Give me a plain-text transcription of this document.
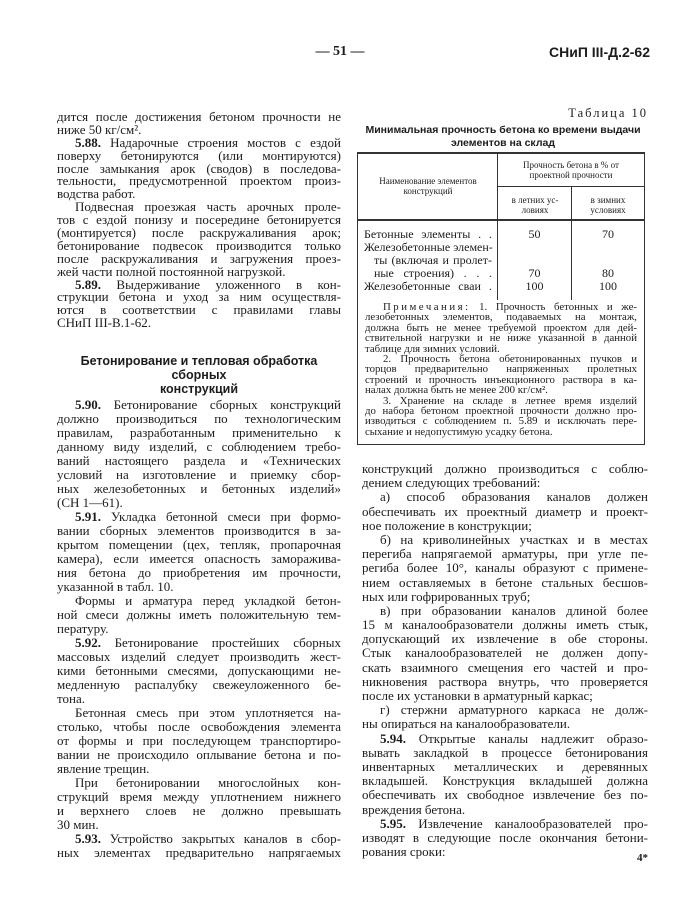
— 51 —	СНиП III-Д.2-62
дится после достижения бетоном прочности не
ниже 50 кг/см².
5.88. Надарочные строения мостов с ездой
поверху бетонируются (или монтируются)
после замыкания арок (сводов) в последова-
тельности, предусмотренной проектом произ-
водства работ.
Подвесная проезжая часть арочных проле-
тов с ездой понизу и посередине бетонируется
(монтируется) после раскружаливания арок;
бетонирование подвесок производится только
после раскружаливания и загружения проез-
жей части полной постоянной нагрузкой.
5.89. Выдерживание уложенного в кон-
струкции бетона и уход за ним осуществля-
ются в соответствии с правилами главы
СНиП III-В.1-62.
Бетонирование и тепловая обработка сборных
конструкций
5.90. Бетонирование сборных конструкций
должно производиться по технологическим
правилам, разработанным применительно к
данному виду изделий, с соблюдением требо-
ваний настоящего раздела и «Технических
условий на изготовление и приемку сбор-
ных железобетонных и бетонных изделий»
(СН 1—61).
5.91. Укладка бетонной смеси при формо-
вании сборных элементов производится в за-
крытом помещении (цех, тепляк, пропарочная
камера), если имеется опасность заморажива-
ния бетона до приобретения им прочности,
указанной в табл. 10.
Формы и арматура перед укладкой бетон-
ной смеси должны иметь положительную тем-
пературу.
5.92. Бетонирование простейших сборных
массовых изделий следует производить жест-
кими бетонными смесями, допускающими не-
медленную распалубку свежеуложенного бе-
тона.
Бетонная смесь при этом уплотняется на-
столько, чтобы после освобождения элемента
от формы и при последующем транспортиро-
вании не происходило оплывание бетона и по-
явление трещин.
При бетонировании многослойных кон-
струкций время между уплотнением нижнего
и верхнего слоев не должно превышать
30 мин.
5.93. Устройство закрытых каналов в сбор-
ных элементах предварительно напрягаемых
Таблица 10
Минимальная прочность бетона ко времени выдачи
элементов на склад
Наименование элементов конструкций
Прочность бетона в % от проектной прочности
в летних ус-ловиях
в зимних условиях
Бетонные элементы . .	50	70
Железобетонные элемен-
ты (включая и пролет-
ные строения) . . .	70	80
Железобетонные сваи .	100	100
Примечания: 1. Прочность бетонных и же-
лезобетонных элементов, подаваемых на монтаж,
должна быть не менее требуемой проектом для дей-
ствительной нагрузки и не ниже указанной в данной
таблице для зимних условий.
2. Прочность бетона обетонированных пучков и
торцов предварительно напряженных пролетных
строений и прочность инъекционного раствора в ка-
налах должна быть не менее 200 кг/см².
3. Хранение на складе в летнее время изделий
до набора бетоном проектной прочности должно про-
изводиться с соблюдением п. 5.89 и исключать пере-
сыхание и недопустимую усадку бетона.
конструкций должно производиться с соблю-
дением следующих требований:
а) способ образования каналов должен
обеспечивать их проектный диаметр и проект-
ное положение в конструкции;
б) на криволинейных участках и в местах
перегиба напрягаемой арматуры, при угле пе-
региба более 10°, каналы образуют с примене-
нием оставляемых в бетоне стальных бесшов-
ных или гофрированных труб;
в) при образовании каналов длиной более
15 м каналообразователи должны иметь стык,
допускающий их извлечение в обе стороны.
Стык каналообразователей не должен допу-
скать взаимного смещения его частей и про-
никновения раствора внутрь, что проверяется
после их установки в арматурный каркас;
г) стержни арматурного каркаса не долж-
ны опираться на каналообразователи.
5.94. Открытые каналы надлежит образо-
вывать закладкой в процессе бетонирования
инвентарных металлических и деревянных
вкладышей. Конструкция вкладышей должна
обеспечивать их свободное извлечение без по-
вреждения бетона.
5.95. Извлечение каналообразователей про-
изводят в следующие после окончания бетони-
рования сроки:	4*
